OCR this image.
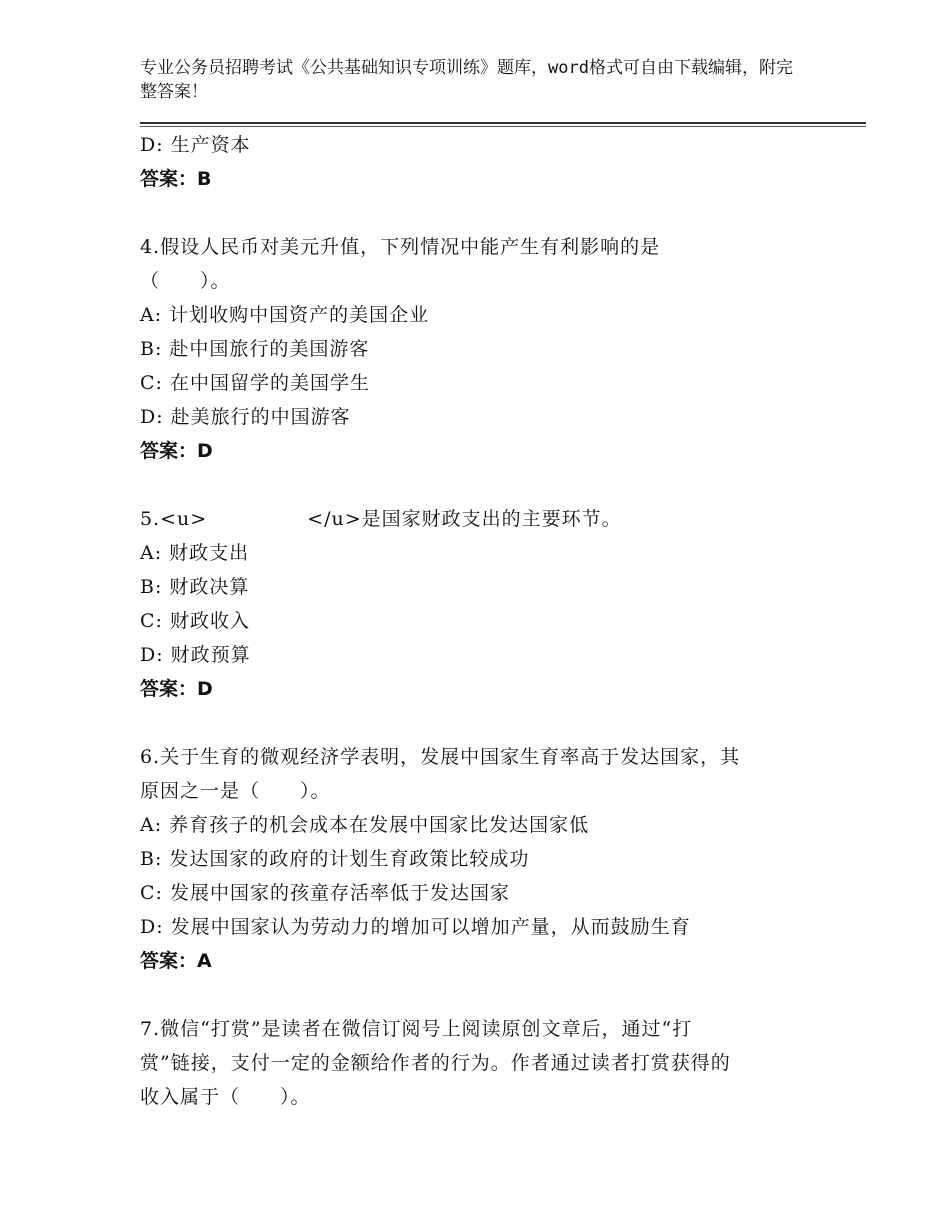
专业公务员招聘考试《公共基础知识专项训练》题库，word格式可自由下载编辑，附完整答案！
D: 生产资本
答案：B
4.假设人民币对美元升值，下列情况中能产生有利影响的是
（　　）。
A: 计划收购中国资产的美国企业
B: 赴中国旅行的美国游客
C: 在中国留学的美国学生
D: 赴美旅行的中国游客
答案：D
5.<u>　　　　　</u>是国家财政支出的主要环节。
A: 财政支出
B: 财政决算
C: 财政收入
D: 财政预算
答案：D
6.关于生育的微观经济学表明，发展中国家生育率高于发达国家，其
原因之一是（　　）。
A: 养育孩子的机会成本在发展中国家比发达国家低
B: 发达国家的政府的计划生育政策比较成功
C: 发展中国家的孩童存活率低于发达国家
D: 发展中国家认为劳动力的增加可以增加产量，从而鼓励生育
答案：A
7.微信“打赏”是读者在微信订阅号上阅读原创文章后，通过“打
赏”链接，支付一定的金额给作者的行为。作者通过读者打赏获得的
收入属于（　　）。
